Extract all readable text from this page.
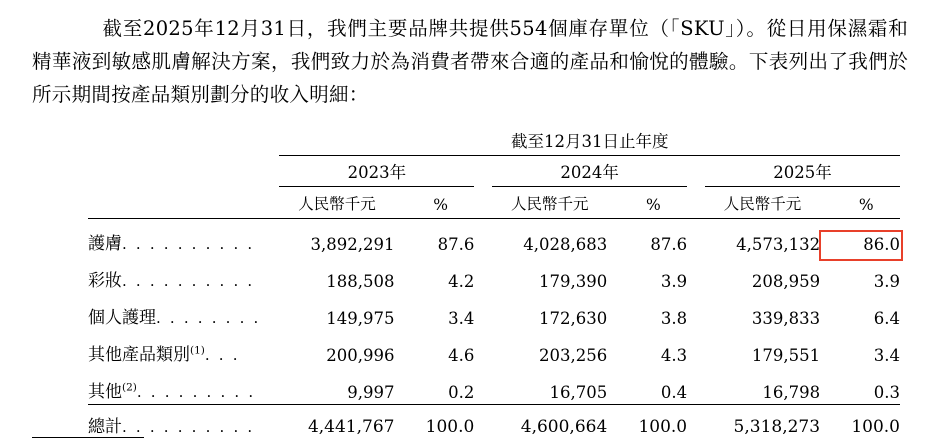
截至2025年12月31日，我們主要品牌共提供554個庫存單位（「SKU」）。從日用保濕霜和精華液到敏感肌膚解決方案，我們致力於為消費者帶來合適的產品和愉悅的體驗。下表列出了我們於所示期間按產品類別劃分的收入明細：
	截至12月31日止年度										
	2023年				2024年				2025年		
	人民幣千元		%		人民幣千元		%		人民幣千元		%
護膚. . . . . . . . . .	3,892,291		87.6		4,028,683		87.6		4,573,132		86.0
彩妝. . . . . . . . . .	188,508		4.2		179,390		3.9		208,959		3.9
個人護理. . . . . . . .	149,975		3.4		172,630		3.8		339,833		6.4
其他產品類別$^{(1)}$. . .	200,996		4.6		203,256		4.3		179,551		3.4
其他$^{(2)}$. . . . . . . . .	9,997		0.2		16,705		0.4		16,798		0.3
總計. . . . . . . . . .	4,441,767		100.0		4,600,664		100.0		5,318,273		100.0
